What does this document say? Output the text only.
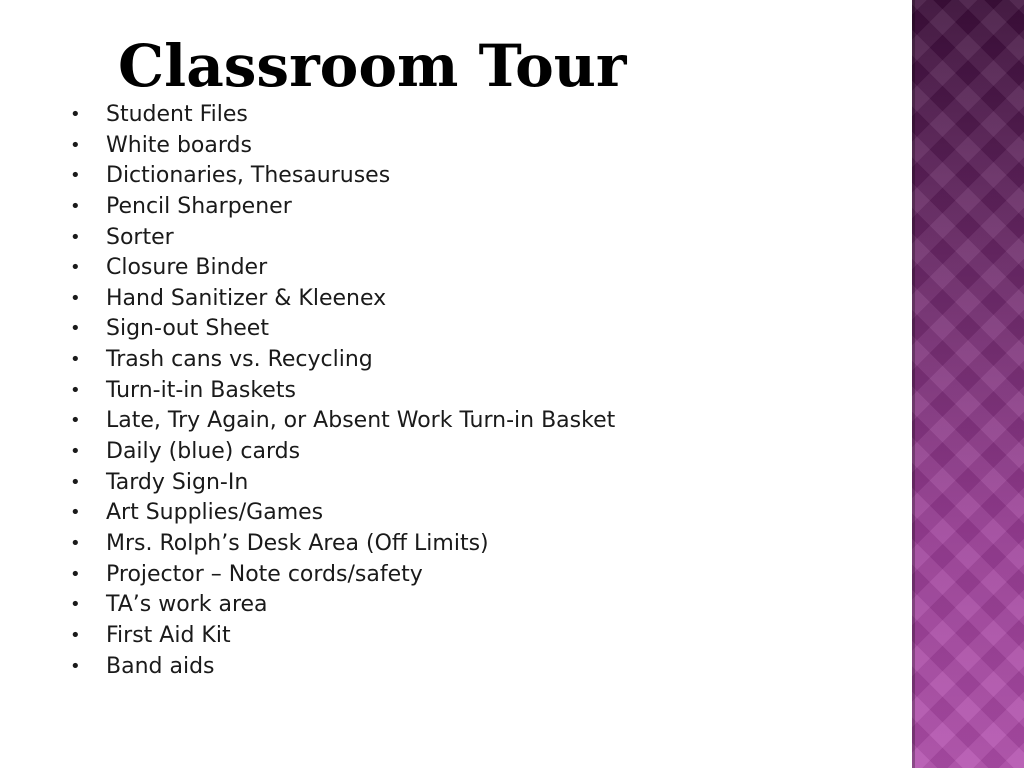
Classroom Tour
•	Student Files
•	White boards
•	Dictionaries, Thesauruses
•	Pencil Sharpener
•	Sorter
•	Closure Binder
•	Hand Sanitizer & Kleenex
•	Sign-out Sheet
•	Trash cans vs. Recycling
•	Turn-it-in Baskets
•	Late, Try Again, or Absent Work Turn-in Basket
•	Daily (blue) cards
•	Tardy Sign-In
•	Art Supplies/Games
•	Mrs. Rolph’s Desk Area (Off Limits)
•	Projector – Note cords/safety
•	TA’s work area
•	First Aid Kit
•	Band aids
